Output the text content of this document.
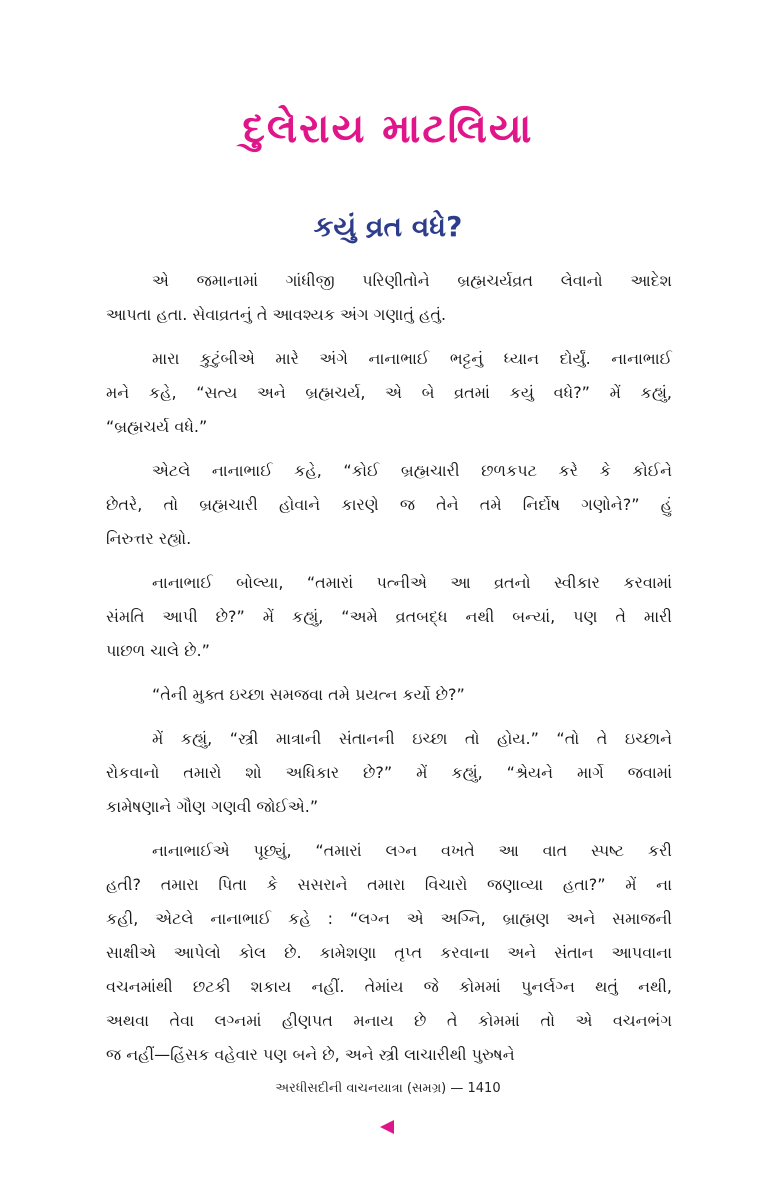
દુલેરાય માટલિયા
કયું વ્રત વધે?
એ જમાનામાં ગાંધીજી પરિણીતોને બ્રહ્મચર્યવ્રત લેવાનો આદેશ
આપતા હતા. સેવાવ્રતનું તે આવશ્યક અંગ ગણાતું હતું.
મારા કુટુંબીએ મારે અંગે નાનાભાઈ ભટ્ટનું ધ્યાન દોર્યું. નાનાભાઈ
મને કહે, “સત્ય અને બ્રહ્મચર્ય, એ બે વ્રતમાં કયું વધે?” મેં કહ્યું,
“બ્રહ્મચર્ય વધે.”
એટલે નાનાભાઈ કહે, “કોઈ બ્રહ્મચારી છળકપટ કરે કે કોઈને
છેતરે, તો બ્રહ્મચારી હોવાને કારણે જ તેને તમે નિર્દોષ ગણોને?” હું
નિરુત્તર રહ્યો.
નાનાભાઈ બોલ્યા, “તમારાં પત્નીએ આ વ્રતનો સ્વીકાર કરવામાં
સંમતિ આપી છે?” મેં કહ્યું, “અમે વ્રતબદ્ધ નથી બન્યાં, પણ તે મારી
પાછળ ચાલે છે.”
“તેની મુક્ત ઇચ્છા સમજવા તમે પ્રયત્ન કર્યો છે?”
મેં કહ્યું, “સ્ત્રી માત્રાની સંતાનની ઇચ્છા તો હોય.” “તો તે ઇચ્છાને
રોકવાનો તમારો શો અધિકાર છે?” મેં કહ્યું, “શ્રેયને માર્ગે જવામાં
કામેષણાને ગૌણ ગણવી જોઈએ.”
નાનાભાઈએ પૂછ્યું, “તમારાં લગ્ન વખતે આ વાત સ્પષ્ટ કરી
હતી? તમારા પિતા કે સસરાને તમારા વિચારો જણાવ્યા હતા?” મેં ના
કહી, એટલે નાનાભાઈ કહે : “લગ્ન એ અગ્નિ, બ્રાહ્મણ અને સમાજની
સાક્ષીએ આપેલો કોલ છે. કામેશણા તૃપ્ત કરવાના અને સંતાન આપવાના
વચનમાંથી છટકી શકાય નહીં. તેમાંય જે કોમમાં પુનર્લગ્ન થતું નથી,
અથવા તેવા લગ્નમાં હીણપત મનાય છે તે કોમમાં તો એ વચનભંગ
જ નહીં—હિંસક વહેવાર પણ બને છે, અને સ્ત્રી લાચારીથી પુરુષને
અરધીસદીની વાચનયાત્રા (સમગ્ર) — 1410
